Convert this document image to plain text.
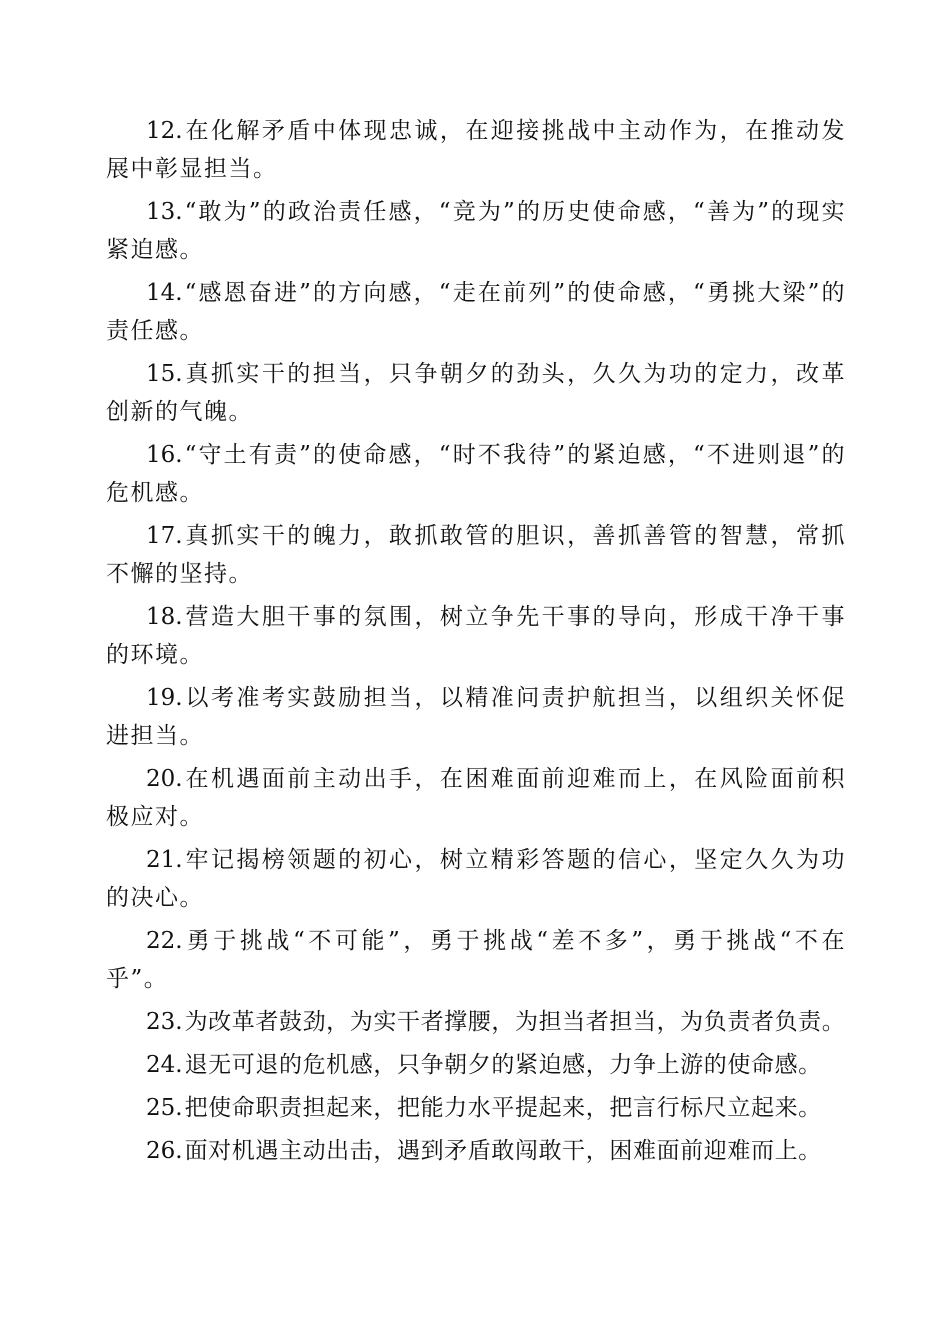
12.在化解矛盾中体现忠诚，在迎接挑战中主动作为，在推动发展中彰显担当。

13.“敢为”的政治责任感，“竞为”的历史使命感，“善为”的现实紧迫感。

14.“感恩奋进”的方向感，“走在前列”的使命感，“勇挑大梁”的责任感。

15.真抓实干的担当，只争朝夕的劲头，久久为功的定力，改革创新的气魄。

16.“守土有责”的使命感，“时不我待”的紧迫感，“不进则退”的危机感。

17.真抓实干的魄力，敢抓敢管的胆识，善抓善管的智慧，常抓不懈的坚持。

18.营造大胆干事的氛围，树立争先干事的导向，形成干净干事的环境。

19.以考准考实鼓励担当，以精准问责护航担当，以组织关怀促进担当。

20.在机遇面前主动出手，在困难面前迎难而上，在风险面前积极应对。

21.牢记揭榜领题的初心，树立精彩答题的信心，坚定久久为功的决心。

22.勇于挑战“不可能”，勇于挑战“差不多”，勇于挑战“不在乎”。

23.为改革者鼓劲，为实干者撑腰，为担当者担当，为负责者负责。

24.退无可退的危机感，只争朝夕的紧迫感，力争上游的使命感。

25.把使命职责担起来，把能力水平提起来，把言行标尺立起来。

26.面对机遇主动出击，遇到矛盾敢闯敢干，困难面前迎难而上。
